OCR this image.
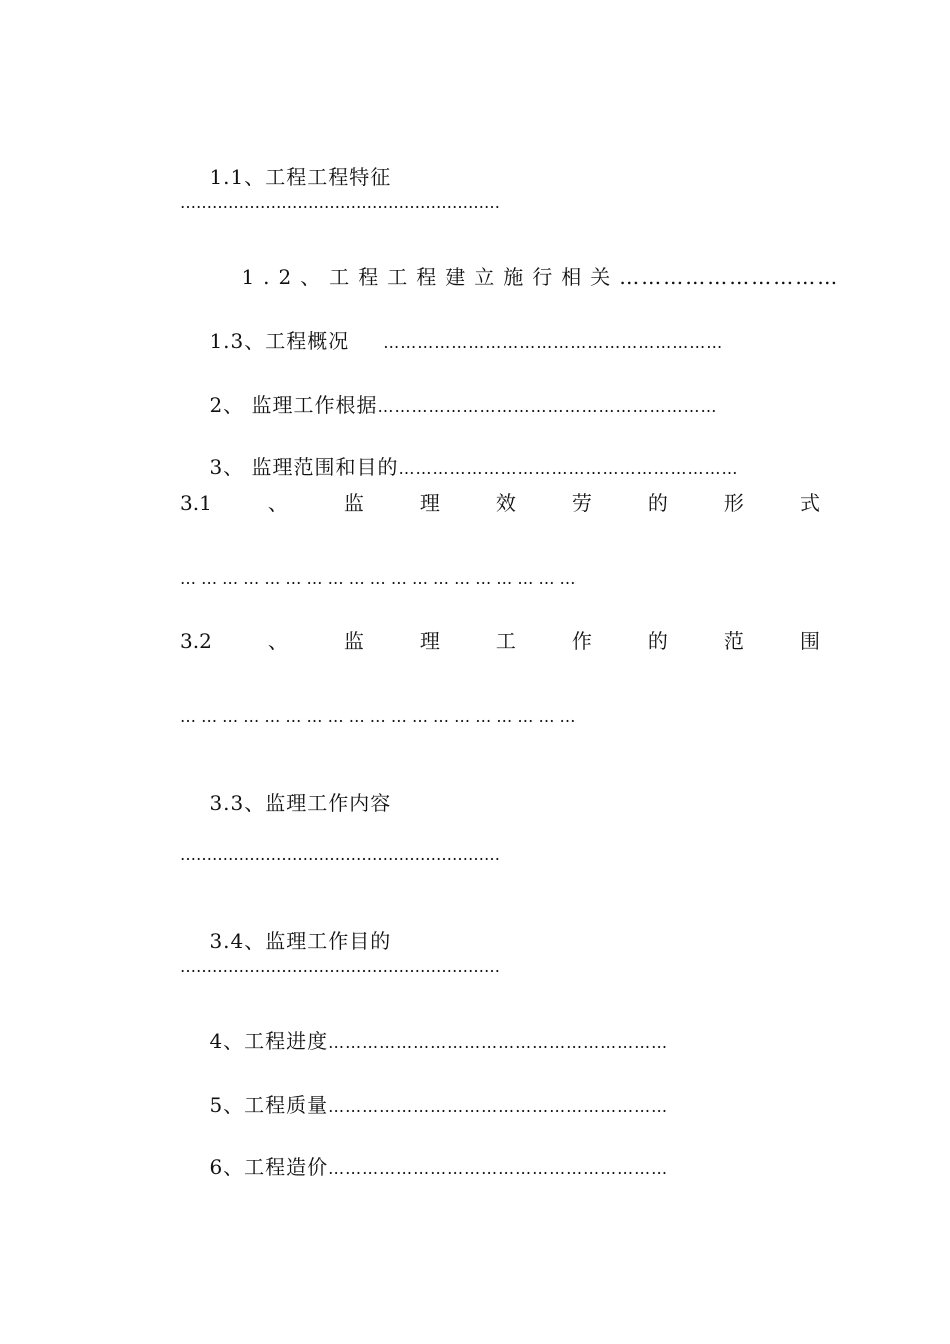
1.1、工程工程特征

……………………………………………………

1.2、工程工程建立施行相关…………………………

1.3、工程概况 ……………………………………………………

2、 监理工作根据……………………………………………………

3、 监理范围和目的……………………………………………………

3.1	、	监	理	效	劳	的	形	式
… … … … … … … … … … … … … … … … … … …
3.2	、	监	理	工	作	的	范	围
… … … … … … … … … … … … … … … … … … …

3.3、监理工作内容

……………………………………………………

3.4、监理工作目的

……………………………………………………

4、工程进度……………………………………………………

5、工程质量……………………………………………………

6、工程造价……………………………………………………
